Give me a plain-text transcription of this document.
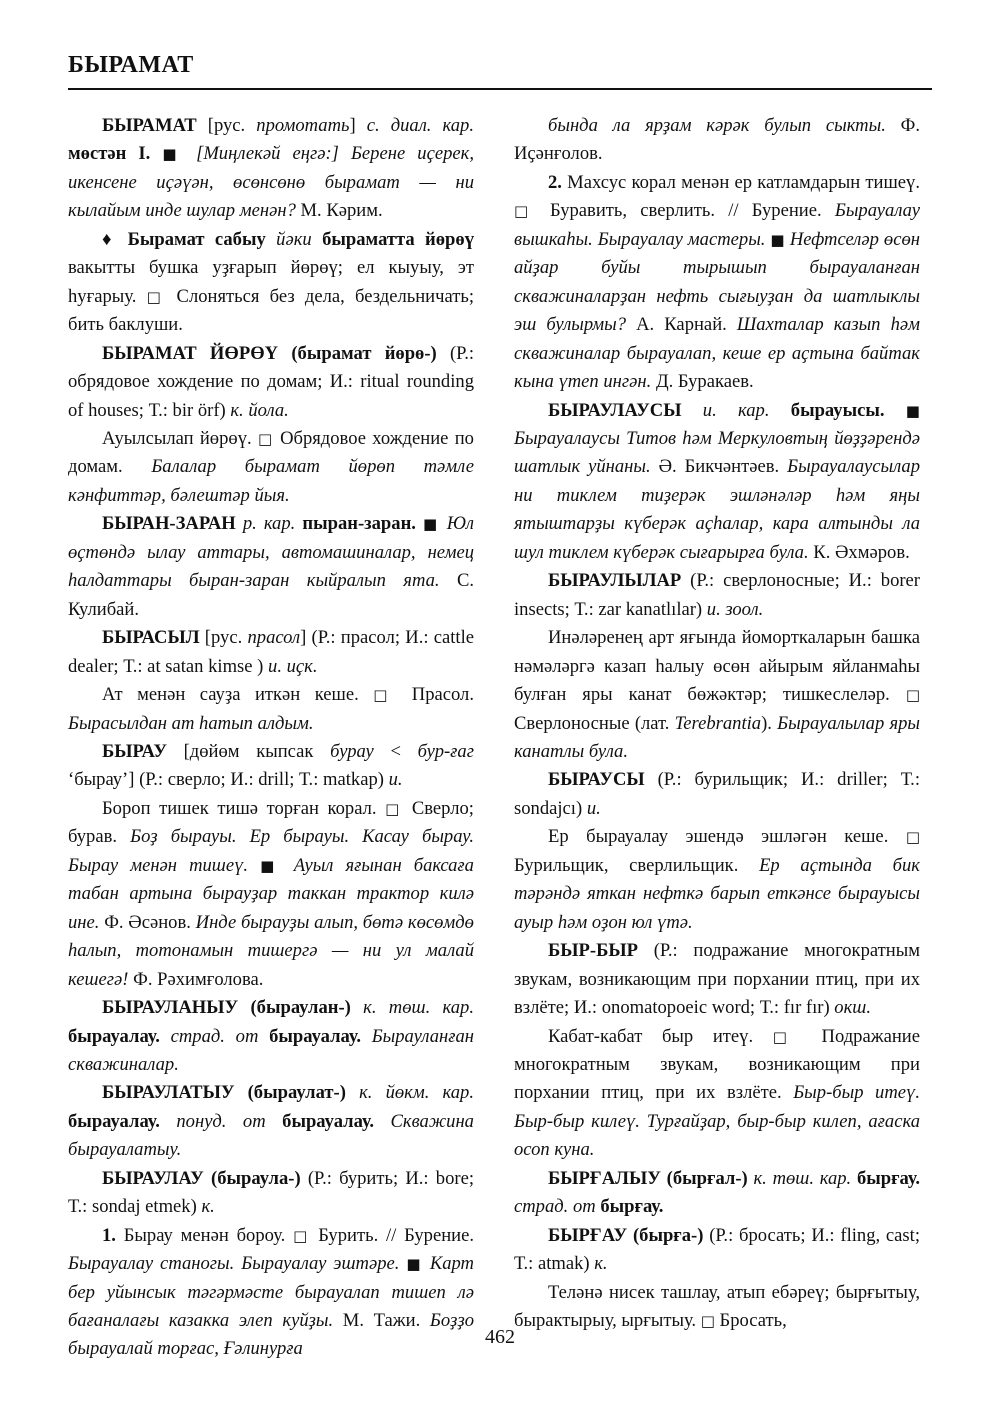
БЫРАМАТ

БЫРАМАТ [рус. промотать] с. диал. кар. мөстән I. ■ [Миңлекәй еңгә:] Берене иҫерек, икенсене иҫәүән, өсөнсөнө бырамат — ни кылайым инде шулар менән? М. Кәрим.

♦ Бырамат сабыу йәки быраматта йөрөү вакытты бушка уҙғарып йөрөү; ел кыуыу, эт һуғарыу. □ Слоняться без дела, бездельничать; бить баклуши.

БЫРАМАТ ЙӨРӨҮ (бырамат йөрө-) (Р.: обрядовое хождение по домам; И.: ritual rounding of houses; Т.: bir örf) к. йола.

Ауылсылап йөрөү. □ Обрядовое хождение по домам. Балалар бырамат йөрөп тәмле кәнфиттәр, бәлештәр йыя.

БЫРАН-ЗАРАН р. кар. пыран-заран. ■ Юл өҫтөндә ылау аттары, автомашиналар, немец һалдаттары быран-заран кыйралып ята. С. Кулибай.

БЫРАСЫЛ [рус. прасол] (Р.: прасол; И.: cattle dealer; Т.: at satan kimse ) и. иҫк.

Ат менән сауҙа иткән кеше. □ Прасол. Бырасылдан ат һатып алдым.

БЫРАУ [дөйөм кыпсак бурау < бур-ғаг ‘бырау’] (Р.: сверло; И.: drill; Т.: matkap) и.

Бороп тишек тишә торған корал. □ Сверло; бурав. Боҙ бырауы. Ер бырауы. Касау бырау. Бырау менән тишеү. ■ Ауыл яғынан баксаға табан артына бырауҙар таккан трактор килә ине. Ф. Әсәнов. Инде бырауҙы алып, бөтә көсөмдө һалып, тотонамын тишергә — ни ул малай кешегә! Ф. Рәхимғолова.

БЫРАУЛАНЫУ (быраулан-) к. төш. кар. бырауалау. страд. от бырауалау. Бырауланған скважиналар.

БЫРАУЛАТЫУ (быраулат-) к. йөкм. кар. бырауалау. понуд. от бырауалау. Скважина бырауалатыу.

БЫРАУЛАУ (быраула-) (Р.: бурить; И.: bore; Т.: sondaj etmek) к.

1. Бырау менән бороу. □ Бурить. // Бурение. Бырауалау станогы. Бырауалау эштәре. ■ Карт бер уйынсык тәгәрмәсте бырауалап тишеп лә бағаналағы казакка элеп куйҙы. М. Тажи. Боҙҙо бырауалай торғас, Ғәлинурға

бында ла ярҙам кәрәк булып сыкты. Ф. Иҫәнғолов.

2. Махсус корал менән ер катламдарын тишеү. □ Буравить, сверлить. // Бурение. Бырауалау вышкаһы. Бырауалау мастеры. ■ Нефтселәр өсөн айҙар буйы тырышып бырауаланған скважиналарҙан нефть сығыуҙан да шатлыклы эш булырмы? А. Карнай. Шахталар казып һәм скважиналар бырауалап, кеше ер аҫтына байтак кына үтеп ингән. Д. Буракаев.

БЫРАУЛАУСЫ и. кар. бырауысы. ■ Бырауалаусы Титов һәм Меркуловтың йөҙҙәрендә шатлык уйнаны. Ә. Бикчәнтәев. Бырауалаусылар ни тиклем тиҙерәк эшләнәләр һәм яңы ятыштарҙы күберәк аҫһалар, кара алтынды ла шул тиклем күберәк сығарырға була. К. Әхмәров.

БЫРАУЛЫЛАР (Р.: сверлоносные; И.: borer insects; Т.: zar kanatlılar) и. зоол.

Инәләренең арт яғында йоморткаларын башка нәмәләргә казап һалыу өсөн айырым яйланмаһы булған яры канат бөжәктәр; тишкеслеләр. □ Сверлоносные (лат. Terebrantia). Бырауалылар яры канатлы була.

БЫРАУСЫ (Р.: бурильщик; И.: driller; Т.: sondajcı) и.

Ер бырауалау эшендә эшләгән кеше. □ Бурильщик, сверлильщик. Ер аҫтында бик тәрәндә яткан нефткә барып еткәнсе бырауысы ауыр һәм оҙон юл үтә.

БЫР-БЫР (Р.: подражание многократным звукам, возникающим при порхании птиц, при их взлёте; И.: onomatopoeic word; Т.: fır fır) окш.

Кабат-кабат быр итеү. □ Подражание многократным звукам, возникающим при порхании птиц, при их взлёте. Быр-быр итеү. Быр-быр килеү. Турғайҙар, быр-быр килеп, ағаска осоп куна.

БЫРҒАЛЫУ (бырғал-) к. төш. кар. бырғау. страд. от бырғау.

БЫРҒАУ (бырға-) (Р.: бросать; И.: fling, cast; Т.: atmak) к.

Теләнә нисек ташлау, атып ебәреү; бырғытыу, бырактырыу, ырғытыу. □ Бросать,

462
